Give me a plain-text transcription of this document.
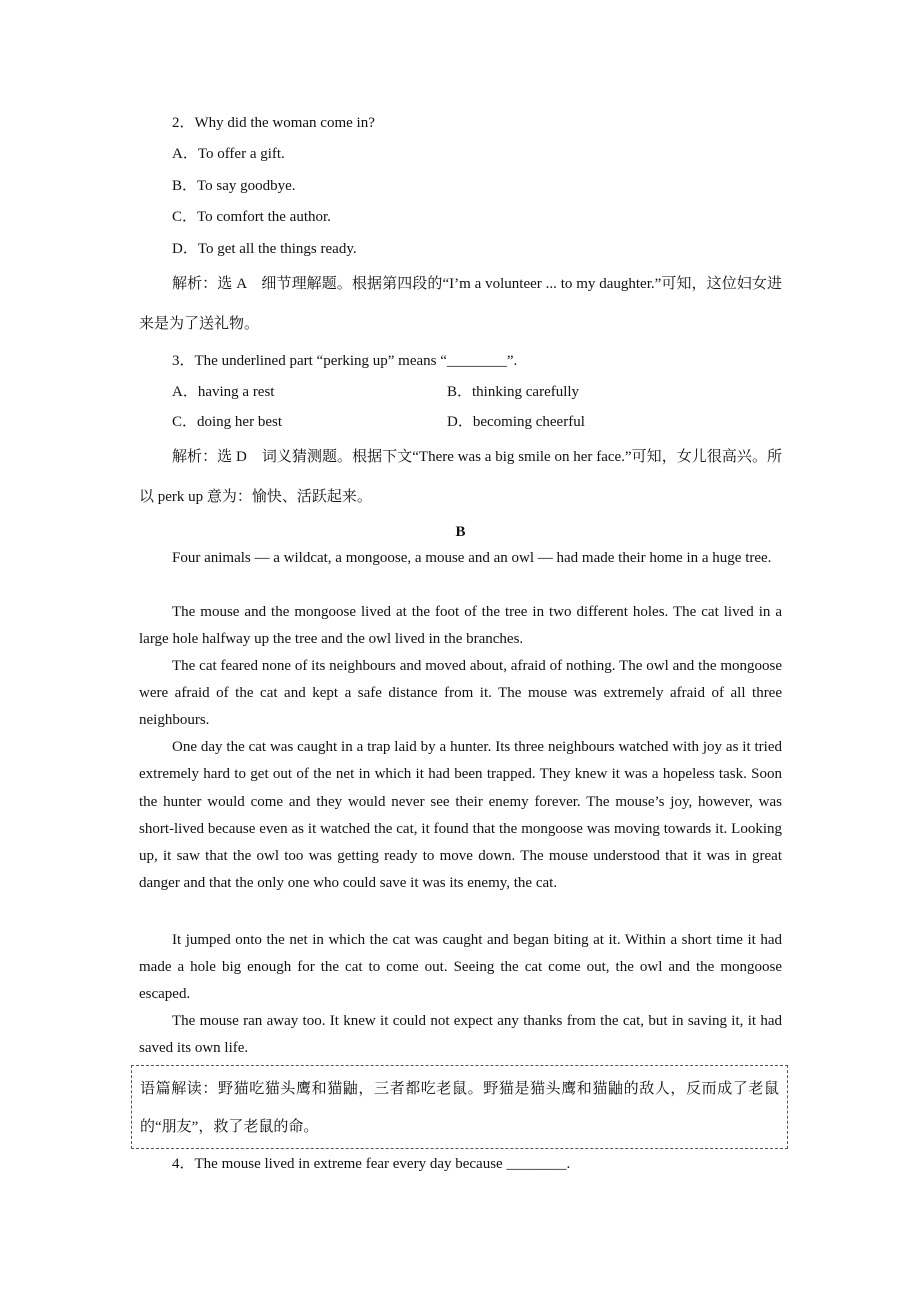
2．Why did the woman come in?
A．To offer a gift.
B．To say goodbye.
C．To comfort the author.
D．To get all the things ready.

解析：选 A　细节理解题。根据第四段的“I’m a volunteer ... to my daughter.”可知，这位妇女进来是为了送礼物。

3．The underlined part “perking up” means “________”.
A．having a rest	B．thinking carefully
C．doing her best	D．becoming cheerful

解析：选 D　词义猜测题。根据下文“There was a big smile on her face.”可知，女儿很高兴。所以 perk up 意为：愉快、活跃起来。

B

Four animals — a wildcat, a mongoose, a mouse and an owl — had made their home in a huge tree.

The mouse and the mongoose lived at the foot of the tree in two different holes. The cat lived in a large hole halfway up the tree and the owl lived in the branches.

The cat feared none of its neighbours and moved about, afraid of nothing. The owl and the mongoose were afraid of the cat and kept a safe distance from it. The mouse was extremely afraid of all three neighbours.

One day the cat was caught in a trap laid by a hunter. Its three neighbours watched with joy as it tried extremely hard to get out of the net in which it had been trapped. They knew it was a hopeless task. Soon the hunter would come and they would never see their enemy forever. The mouse’s joy, however, was short-lived because even as it watched the cat, it found that the mongoose was moving towards it. Looking up, it saw that the owl too was getting ready to move down. The mouse understood that it was in great danger and that the only one who could save it was its enemy, the cat.

It jumped onto the net in which the cat was caught and began biting at it. Within a short time it had made a hole big enough for the cat to come out. Seeing the cat come out, the owl and the mongoose escaped.

The mouse ran away too. It knew it could not expect any thanks from the cat, but in saving it, it had saved its own life.

语篇解读：野猫吃猫头鹰和猫鼬，三者都吃老鼠。野猫是猫头鹰和猫鼬的敌人，反而成了老鼠的“朋友”，救了老鼠的命。

4．The mouse lived in extreme fear every day because ________.
